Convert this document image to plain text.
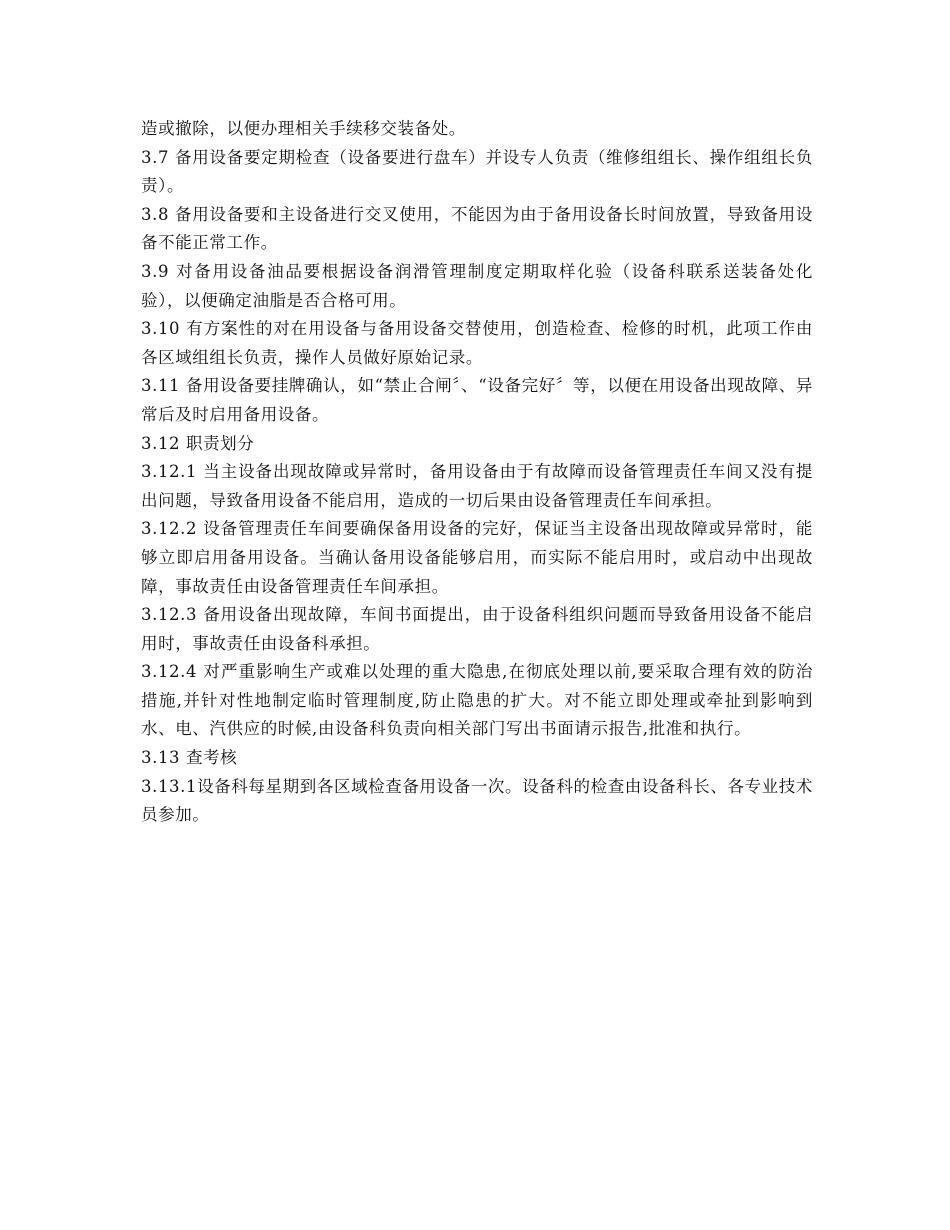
造或撤除，以便办理相关手续移交装备处。

3.7 备用设备要定期检查（设备要进行盘车）并设专人负责（维修组组长、操作组组长负责）。

3.8 备用设备要和主设备进行交叉使用，不能因为由于备用设备长时间放置，导致备用设备不能正常工作。

3.9 对备用设备油品要根据设备润滑管理制度定期取样化验（设备科联系送装备处化验），以便确定油脂是否合格可用。

3.10 有方案性的对在用设备与备用设备交替使用，创造检查、检修的时机，此项工作由各区域组组长负责，操作人员做好原始记录。

3.11 备用设备要挂牌确认，如“禁止合闸〞、“设备完好〞等，以便在用设备出现故障、异常后及时启用备用设备。

3.12 职责划分

3.12.1 当主设备出现故障或异常时，备用设备由于有故障而设备管理责任车间又没有提出问题，导致备用设备不能启用，造成的一切后果由设备管理责任车间承担。

3.12.2 设备管理责任车间要确保备用设备的完好，保证当主设备出现故障或异常时，能够立即启用备用设备。当确认备用设备能够启用，而实际不能启用时，或启动中出现故障，事故责任由设备管理责任车间承担。

3.12.3 备用设备出现故障，车间书面提出，由于设备科组织问题而导致备用设备不能启用时，事故责任由设备科承担。

3.12.4 对严重影响生产或难以处理的重大隐患,在彻底处理以前,要采取合理有效的防治措施,并针对性地制定临时管理制度,防止隐患的扩大。对不能立即处理或牵扯到影响到水、电、汽供应的时候,由设备科负责向相关部门写出书面请示报告,批准和执行。

3.13 查考核

3.13.1设备科每星期到各区域检查备用设备一次。设备科的检查由设备科长、各专业技术员参加。
